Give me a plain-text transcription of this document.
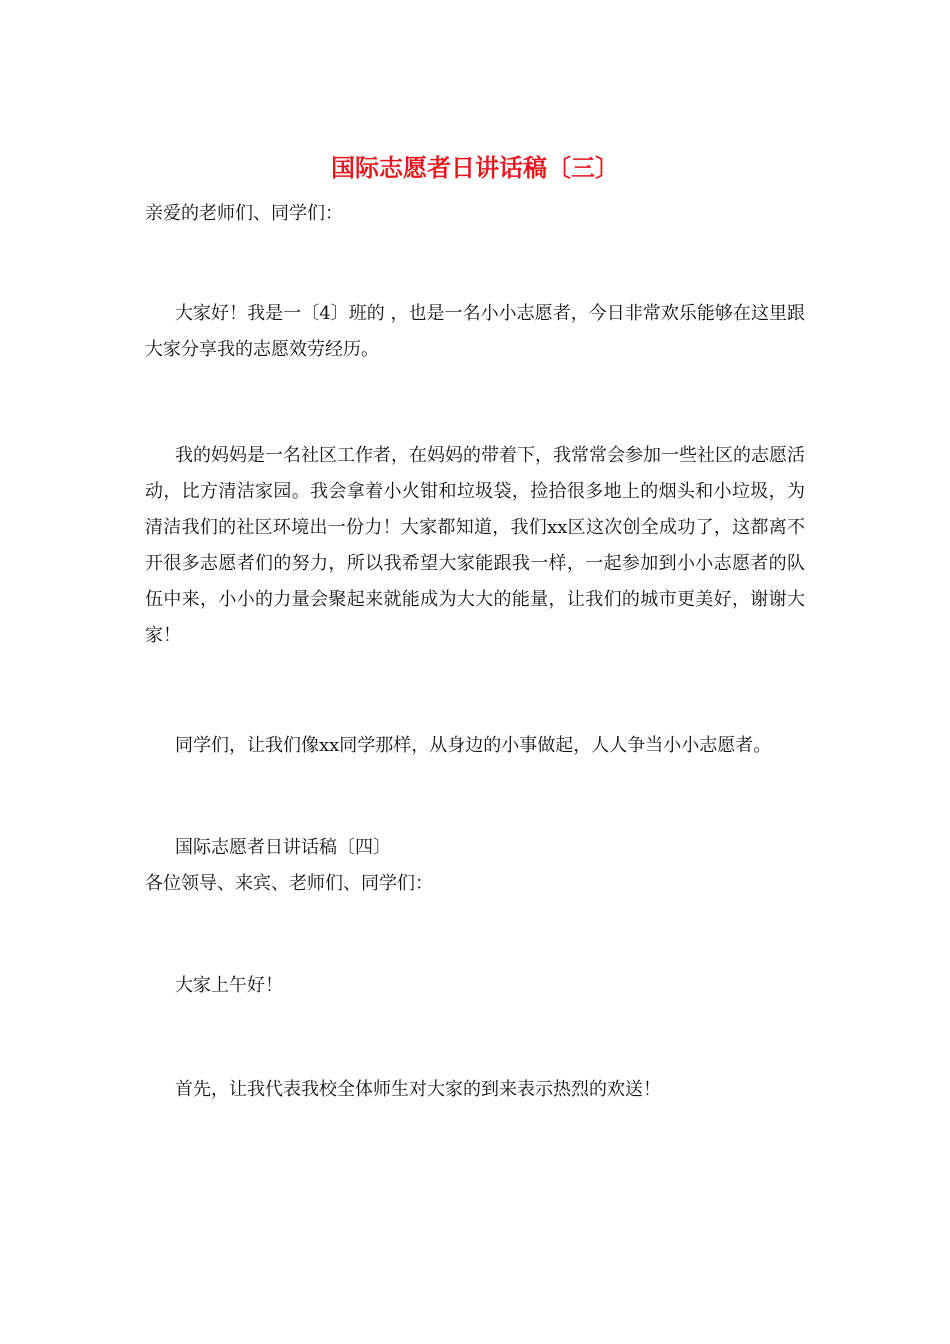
国际志愿者日讲话稿〔三〕

亲爱的老师们、同学们：

大家好！我是一〔4〕班的 ，也是一名小小志愿者，今日非常欢乐能够在这里跟大家分享我的志愿效劳经历。

我的妈妈是一名社区工作者，在妈妈的带着下，我常常会参加一些社区的志愿活动，比方清洁家园。我会拿着小火钳和垃圾袋，捡拾很多地上的烟头和小垃圾，为清洁我们的社区环境出一份力！大家都知道，我们xx区这次创全成功了，这都离不开很多志愿者们的努力，所以我希望大家能跟我一样，一起参加到小小志愿者的队伍中来，小小的力量会聚起来就能成为大大的能量，让我们的城市更美好，谢谢大家！

同学们，让我们像xx同学那样，从身边的小事做起，人人争当小小志愿者。

国际志愿者日讲话稿〔四〕

各位领导、来宾、老师们、同学们：

大家上午好！

首先，让我代表我校全体师生对大家的到来表示热烈的欢送！
